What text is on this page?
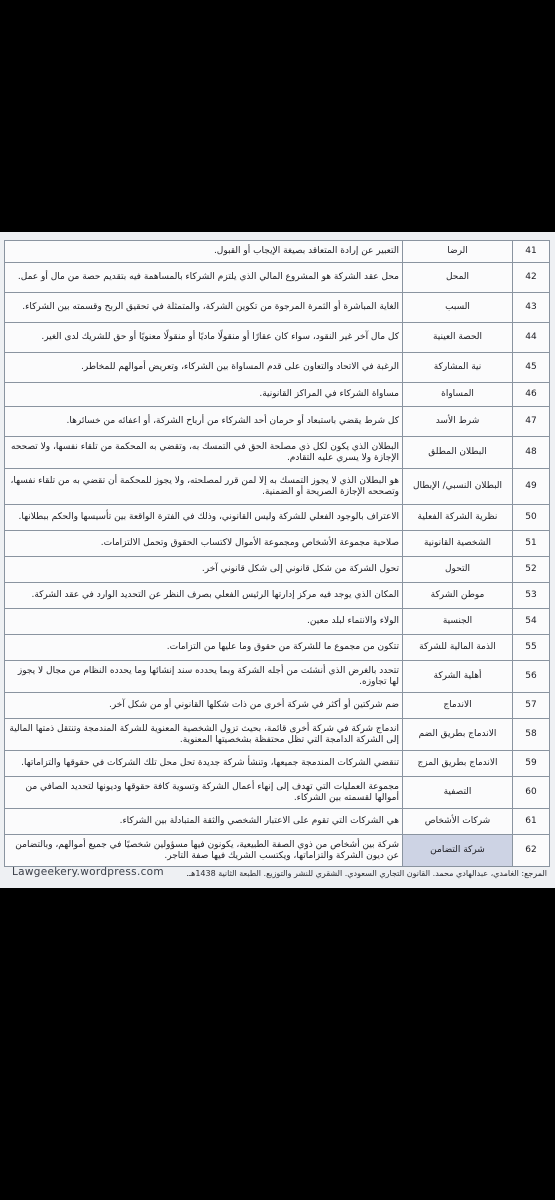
41	الرضا	التعبير عن إرادة المتعاقد بصيغة الإيجاب أو القبول.
42	المحل	محل عقد الشركة هو المشروع المالي الذي يلتزم الشركاء بالمساهمة فيه بتقديم حصة من مال أو عمل.
43	السبب	الغاية المباشرة أو الثمرة المرجوة من تكوين الشركة، والمتمثلة في تحقيق الربح وقسمته بين الشركاء.
44	الحصة العينية	كل مال آخر غير النقود، سواء كان عقارًا أو منقولًا ماديًا أو منقولًا معنويًا أو حق للشريك لدى الغير.
45	نية المشاركة	الرغبة في الاتحاد والتعاون على قدم المساواة بين الشركاء، وتعريض أموالهم للمخاطر.
46	المساواة	مساواة الشركاء في المراكز القانونية.
47	شرط الأسد	كل شرط يقضي باستبعاد أو حرمان أحد الشركاء من أرباح الشركة، أو اعفائه من خسائرها.
48	البطلان المطلق	البطلان الذي يكون لكل ذي مصلحة الحق في التمسك به، وتقضي به المحكمة من تلقاء نفسها، ولا تصححه الإجازة ولا يسري عليه التقادم.
49	البطلان النسبي/ الإبطال	هو البطلان الذي لا يجوز التمسك به إلا لمن قرر لمصلحته، ولا يجوز للمحكمة أن تقضي به من تلقاء نفسها، وتصححه الإجازة الصريحة أو الضمنية.
50	نظرية الشركة الفعلية	الاعتراف بالوجود الفعلي للشركة وليس القانوني، وذلك في الفترة الواقعة بين تأسيسها والحكم ببطلانها.
51	الشخصية القانونية	صلاحية مجموعة الأشخاص ومجموعة الأموال لاكتساب الحقوق وتحمل الالتزامات.
52	التحول	تحول الشركة من شكل قانوني إلى شكل قانوني آخر.
53	موطن الشركة	المكان الذي يوجد فيه مركز إدارتها الرئيس الفعلي بصرف النظر عن التحديد الوارد في عقد الشركة.
54	الجنسية	الولاء والانتماء لبلد معين.
55	الذمة المالية للشركة	تتكون من مجموع ما للشركة من حقوق وما عليها من التزامات.
56	أهلية الشركة	تتحدد بالغرض الذي أنشئت من أجله الشركة وبما يحدده سند إنشائها وما يحدده النظام من مجال لا يجوز لها تجاوزه.
57	الاندماج	ضم شركتين أو أكثر في شركة أخرى من ذات شكلها القانوني أو من شكل آخر.
58	الاندماج بطريق الضم	اندماج شركة في شركة أخرى قائمة، بحيث تزول الشخصية المعنوية للشركة المندمجة وتنتقل ذمتها المالية إلى الشركة الدامجة التي تظل محتفظة بشخصيتها المعنوية.
59	الاندماج بطريق المزج	تنقضي الشركات المندمجة جميعها، وتنشأ شركة جديدة تحل محل تلك الشركات في حقوقها والتزاماتها.
60	التصفية	مجموعة العمليات التي تهدف إلى إنهاء أعمال الشركة وتسوية كافة حقوقها وديونها لتحديد الصافي من أموالها لقسمته بين الشركاء.
61	شركات الأشخاص	هي الشركات التي تقوم على الاعتبار الشخصي والثقة المتبادلة بين الشركاء.
62	شركة التضامن	شركة بين أشخاص من ذوي الصفة الطبيعية، يكونون فيها مسؤولين شخصيًا في جميع أموالهم، وبالتضامن عن ديون الشركة والتزاماتها، ويكتسب الشريك فيها صفة التاجر.
Lawgeekery.wordpress.com	المرجع: الغامدي، عبدالهادي محمد. القانون التجاري السعودي. الشقري للنشر والتوزيع. الطبعة الثانية 1438هـ.
